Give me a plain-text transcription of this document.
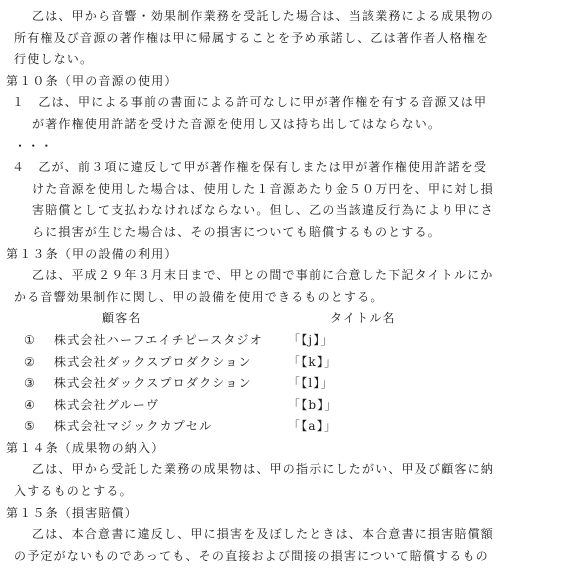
乙は、甲から音響・効果制作業務を受託した場合は、当該業務による成果物の
所有権及び音源の著作権は甲に帰属することを予め承諾し、乙は著作者人格権を
行使しない。
第１０条（甲の音源の使用）
１　乙は、甲による事前の書面による許可なしに甲が著作権を有する音源又は甲
が著作権使用許諾を受けた音源を使用し又は持ち出してはならない。
・・・
４　乙が、前３項に違反して甲が著作権を保有しまたは甲が著作権使用許諾を受
けた音源を使用した場合は、使用した１音源あたり金５０万円を、甲に対し損
害賠償として支払わなければならない。但し、乙の当該違反行為により甲にさ
らに損害が生じた場合は、その損害についても賠償するものとする。
第１３条（甲の設備の利用）
乙は、平成２９年３月末日まで、甲との間で事前に合意した下記タイトルにか
かる音響効果制作に関し、甲の設備を使用できるものとする。
顧客名	タイトル名
①	株式会社ハーフエイチピースタジオ	「【j】」
②	株式会社ダックスプロダクション	「【k】」
③	株式会社ダックスプロダクション	「【l】」
④	株式会社グルーヴ	「【b】」
⑤	株式会社マジックカプセル	「【a】」
第１４条（成果物の納入）
乙は、甲から受託した業務の成果物は、甲の指示にしたがい、甲及び顧客に納
入するものとする。
第１５条（損害賠償）
乙は、本合意書に違反し、甲に損害を及ぼしたときは、本合意書に損害賠償額
の予定がないものであっても、その直接および間接の損害について賠償するもの
